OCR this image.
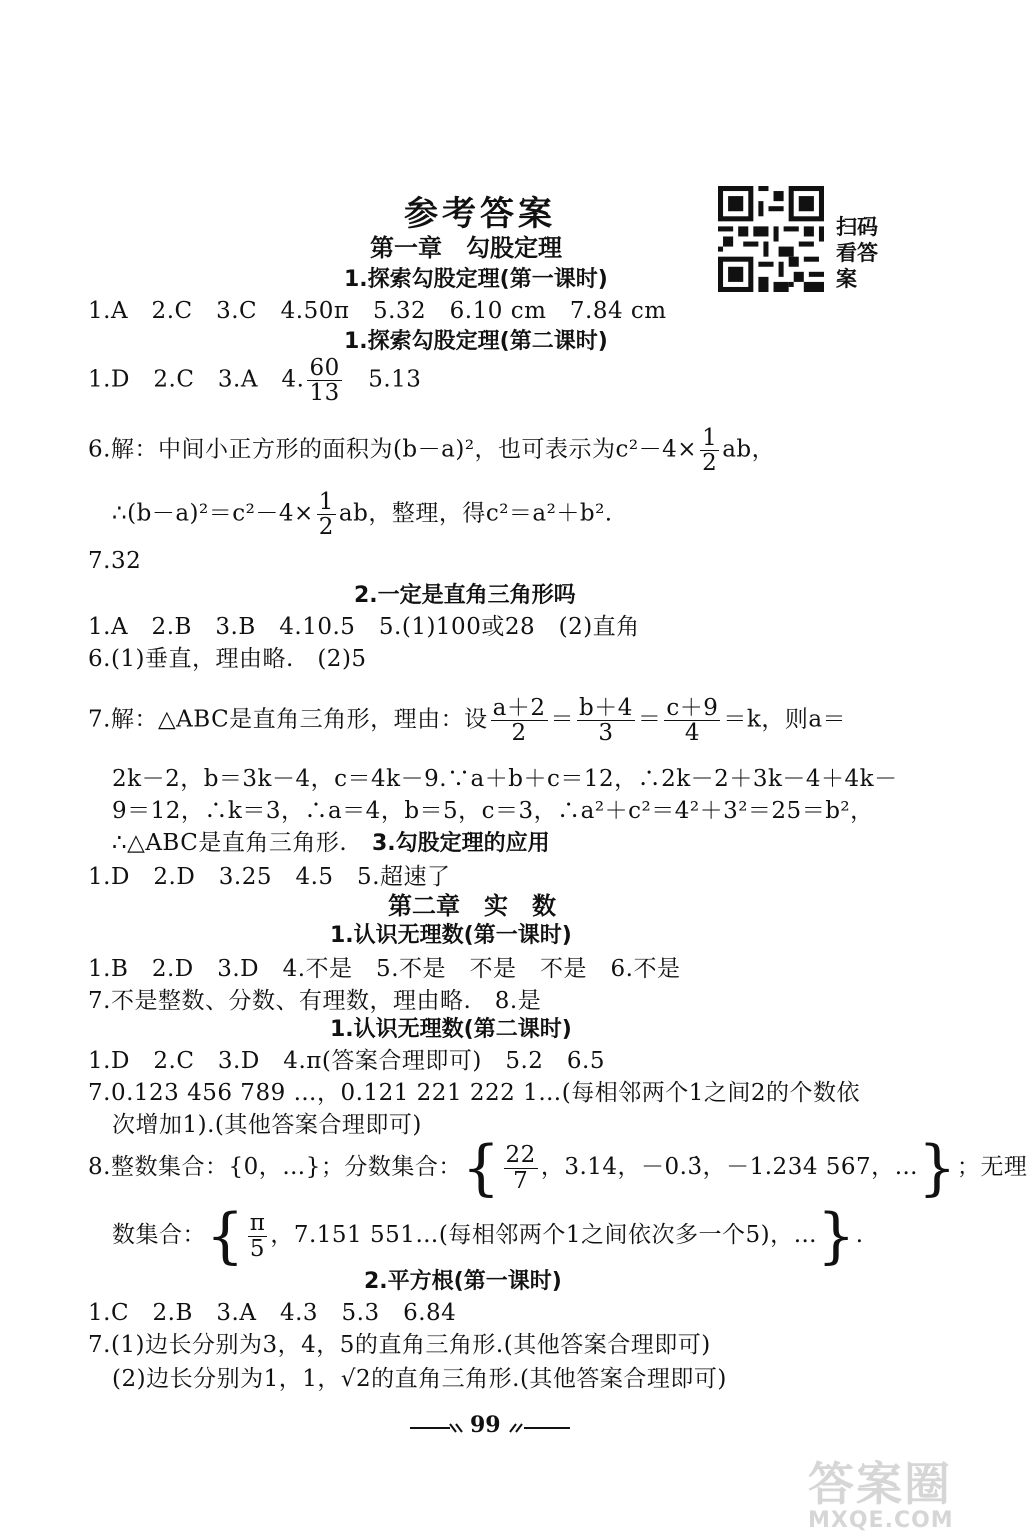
参考答案	扫码
看答案
第一章　勾股定理
1.探索勾股定理(第一课时)
1.A　2.C　3.C　4.50π　5.32　6.10 cm　7.84 cm
1.探索勾股定理(第二课时)
1.D　2.C　3.A　4. $\frac{60}{13}$
　 5.13
6.解：中间小正方形的面积为(b－a)²，也可表示为$c^2-4\times \frac{1}{2}$ ab，
∴(b－a)²＝c²－4× $\frac{1}{2}$ ab，整理，得c²＝a²＋b².
7.32
2.一定是直角三角形吗
1.A　2.B　3.B　4.10.5　5.(1)100或28　(2)直角
6.(1)垂直，理由略.　(2)5
7.解：△ABC是直角三角形，理由：设 $\frac{a+2}{2} = \frac{b+4}{3} = \frac{c+9}{4} =k$，则a＝
2k－2，b＝3k－4，c＝4k－9.∵a＋b＋c＝12，∴2k－2＋3k－4＋4k－
9＝12，∴k＝3，∴a＝4，b＝5，c＝3，∴a²＋c²＝4²＋3²＝25＝b²，
∴△ABC是直角三角形. 3.勾股定理的应用
1.D　2.D　3.25　4.5　5.超速了
第二章　实　数
1.认识无理数(第一课时)
1.B　2.D　3.D　4.不是　5.不是　不是　不是　6.不是
7.不是整数、分数、有理数，理由略.　8.是
1.认识无理数(第二课时)
1.D　2.C　3.D　4.π(答案合理即可)　5.2　6.5
7.0.123 456 789 …，0.121 221 222 1…(每相邻两个1之间2的个数依
次增加1).(其他答案合理即可)
8.整数集合：{0，…}；分数集合：{ $\frac{22}{7}$ ，3.14，－0.3̇，－1.234 567，…}；无理
数集合：{ $\frac{\pi}{5}$ ，7.151 551…(每相邻两个1之间依次多一个5)，…}.
2.平方根(第一课时)
1.C　2.B　3.A　4.3　5.3　6.84
7.(1)边长分别为3，4，5的直角三角形.(其他答案合理即可)
(2)边长分别为1，1，√2的直角三角形.(其他答案合理即可)
99
答案圈
MXQE.COM
